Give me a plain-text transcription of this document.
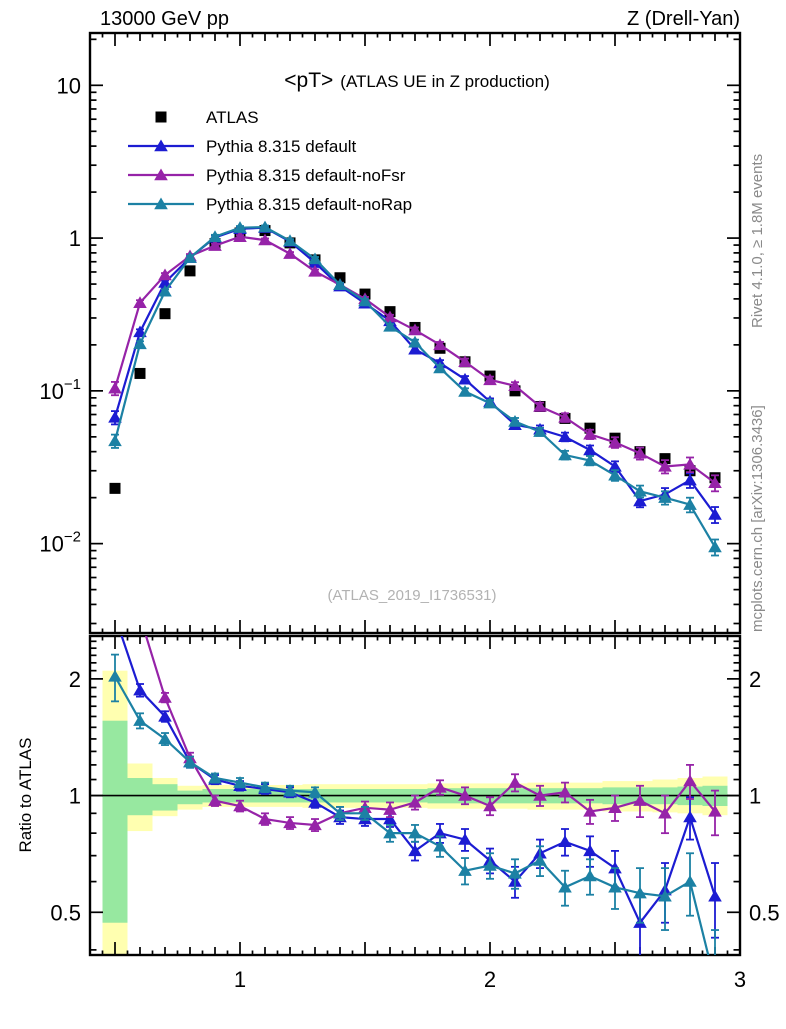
1	2	3
10
1
$10^{-1}$
$10^{-2}$
2	2
1	1
0.5	0.5
ATLAS
Pythia 8.315 default
Pythia 8.315 default-noFsr
Pythia 8.315 default-noRap
13000 GeV pp	Z (Drell-Yan)
<pT> (ATLAS UE in Z production)
Rivet 4.1.0, ≥ 1.8M events
mcplots.cern.ch [arXiv:1306.3436]
(ATLAS_2019_I1736531)
Ratio to ATLAS
